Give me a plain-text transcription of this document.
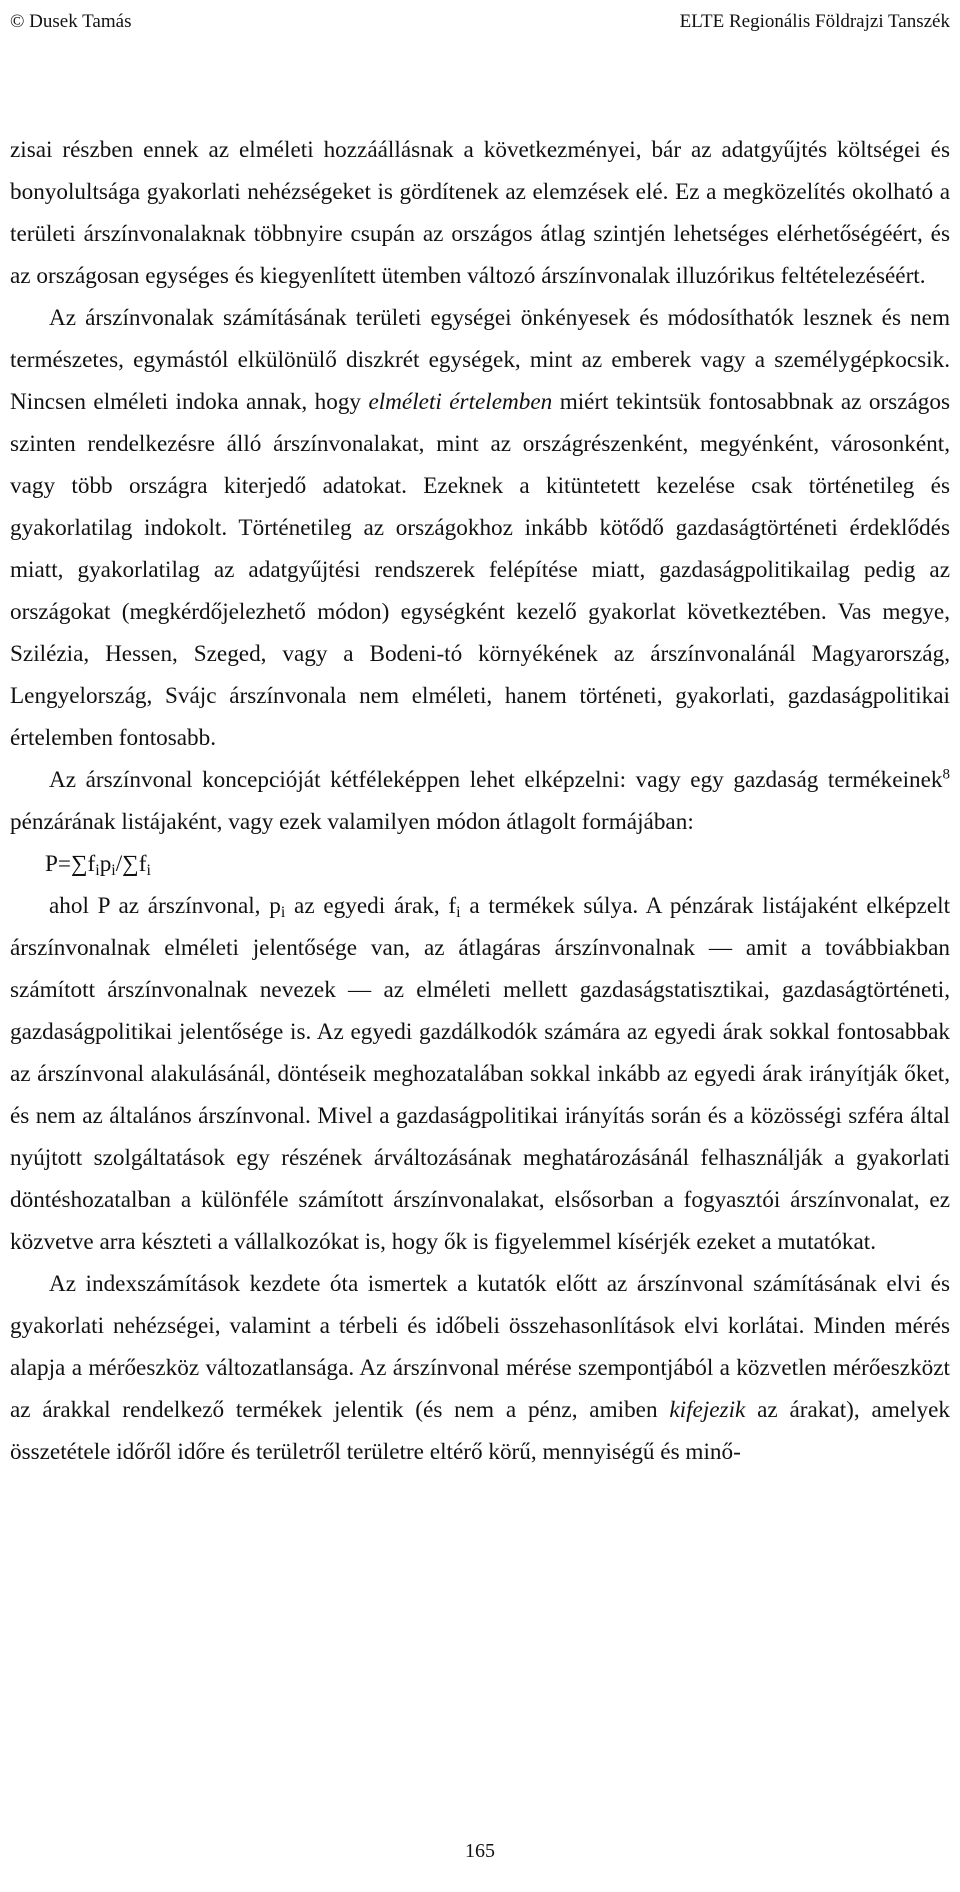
© Dusek Tamás	ELTE Regionális Földrajzi Tanszék

zisai részben ennek az elméleti hozzáállásnak a következményei, bár az adatgyűjtés költségei és bonyolultsága gyakorlati nehézségeket is gördítenek az elemzések elé. Ez a megközelítés okolható a területi árszínvonalaknak többnyire csupán az országos átlag szintjén lehetséges elérhetőségéért, és az országosan egységes és kiegyenlített ütemben változó árszínvonalak illuzórikus feltételezéséért.

Az árszínvonalak számításának területi egységei önkényesek és módosíthatók lesznek és nem természetes, egymástól elkülönülő diszkrét egységek, mint az emberek vagy a személygépkocsik. Nincsen elméleti indoka annak, hogy elméleti értelemben miért tekintsük fontosabbnak az országos szinten rendelkezésre álló árszínvonalakat, mint az országrészenként, megyénként, városonként, vagy több országra kiterjedő adatokat. Ezeknek a kitüntetett kezelése csak történetileg és gyakorlatilag indokolt. Történetileg az országokhoz inkább kötődő gazdaságtörténeti érdeklődés miatt, gyakorlatilag az adatgyűjtési rendszerek felépítése miatt, gazdaságpolitikailag pedig az országokat (megkérdőjelezhető módon) egységként kezelő gyakorlat következtében. Vas megye, Szilézia, Hessen, Szeged, vagy a Bodeni-tó környékének az árszínvonalánál Magyarország, Lengyelország, Svájc árszínvonala nem elméleti, hanem történeti, gyakorlati, gazdaságpolitikai értelemben fontosabb.

Az árszínvonal koncepcióját kétféleképpen lehet elképzelni: vagy egy gazdaság termékeinek$^8$ pénzárának listájaként, vagy ezek valamilyen módon átlagolt formájában:

$P=\sum f_ip_i/\sum f_i$

ahol P az árszínvonal, $p_i$ az egyedi árak, $f_i$ a termékek súlya. A pénzárak listájaként elképzelt árszínvonalnak elméleti jelentősége van, az átlagáras árszínvonalnak — amit a továbbiakban számított árszínvonalnak nevezek — az elméleti mellett gazdaságstatisztikai, gazdaságtörténeti, gazdaságpolitikai jelentősége is. Az egyedi gazdálkodók számára az egyedi árak sokkal fontosabbak az árszínvonal alakulásánál, döntéseik meghozatalában sokkal inkább az egyedi árak irányítják őket, és nem az általános árszínvonal. Mivel a gazdaságpolitikai irányítás során és a közösségi szféra által nyújtott szolgáltatások egy részének árváltozásának meghatározásánál felhasználják a gyakorlati döntéshozatalban a különféle számított árszínvonalakat, elsősorban a fogyasztói árszínvonalat, ez közvetve arra készteti a vállalkozókat is, hogy ők is figyelemmel kísérjék ezeket a mutatókat.

Az indexszámítások kezdete óta ismertek a kutatók előtt az árszínvonal számításának elvi és gyakorlati nehézségei, valamint a térbeli és időbeli összehasonlítások elvi korlátai. Minden mérés alapja a mérőeszköz változatlansága. Az árszínvonal mérése szempontjából a közvetlen mérőeszközt az árakkal rendelkező termékek jelentik (és nem a pénz, amiben kifejezik az árakat), amelyek összetétele időről időre és területről területre eltérő körű, mennyiségű és minő-

165
